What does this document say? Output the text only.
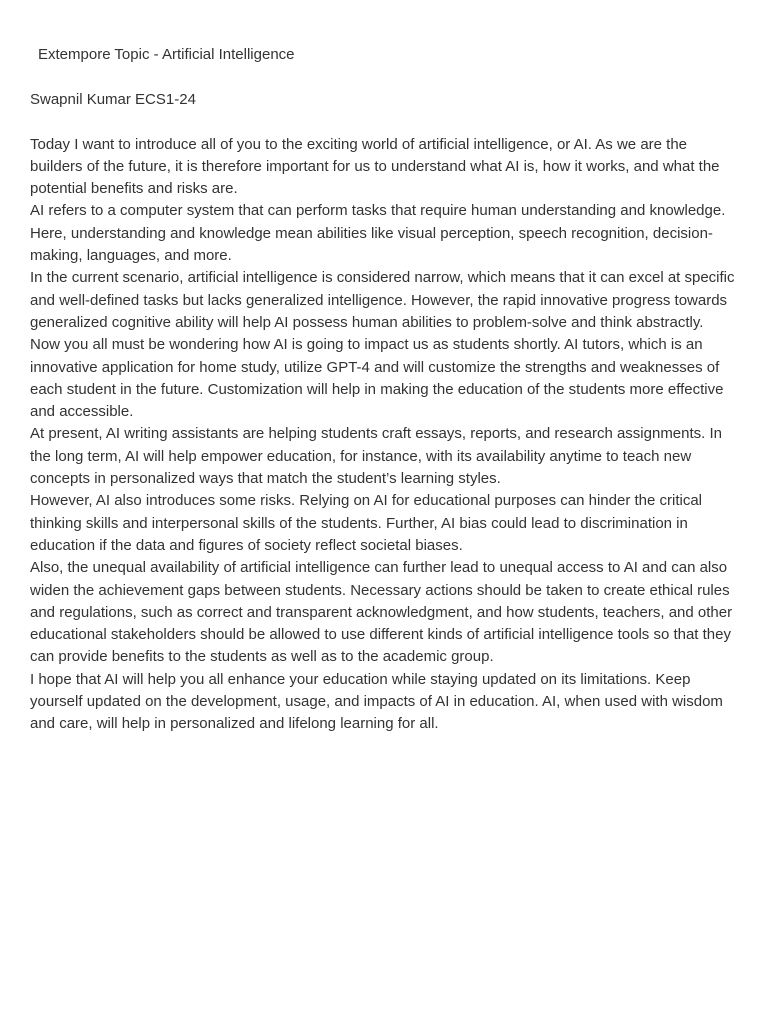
Extempore Topic - Artificial Intelligence
Swapnil Kumar ECS1-24

Today I want to introduce all of you to the exciting world of artificial intelligence, or AI. As we are the builders of the future, it is therefore important for us to understand what AI is, how it works, and what the potential benefits and risks are.

AI refers to a computer system that can perform tasks that require human understanding and knowledge. Here, understanding and knowledge mean abilities like visual perception, speech recognition, decision-making, languages, and more.

In the current scenario, artificial intelligence is considered narrow, which means that it can excel at specific and well-defined tasks but lacks generalized intelligence. However, the rapid innovative progress towards generalized cognitive ability will help AI possess human abilities to problem-solve and think abstractly.

Now you all must be wondering how AI is going to impact us as students shortly. AI tutors, which is an innovative application for home study, utilize GPT-4 and will customize the strengths and weaknesses of each student in the future. Customization will help in making the education of the students more effective and accessible.

At present, AI writing assistants are helping students craft essays, reports, and research assignments. In the long term, AI will help empower education, for instance, with its availability anytime to teach new concepts in personalized ways that match the student’s learning styles.

However, AI also introduces some risks. Relying on AI for educational purposes can hinder the critical thinking skills and interpersonal skills of the students. Further, AI bias could lead to discrimination in education if the data and figures of society reflect societal biases.

Also, the unequal availability of artificial intelligence can further lead to unequal access to AI and can also widen the achievement gaps between students. Necessary actions should be taken to create ethical rules and regulations, such as correct and transparent acknowledgment, and how students, teachers, and other educational stakeholders should be allowed to use different kinds of artificial intelligence tools so that they can provide benefits to the students as well as to the academic group.

I hope that AI will help you all enhance your education while staying updated on its limitations. Keep yourself updated on the development, usage, and impacts of AI in education. AI, when used with wisdom and care, will help in personalized and lifelong learning for all.
